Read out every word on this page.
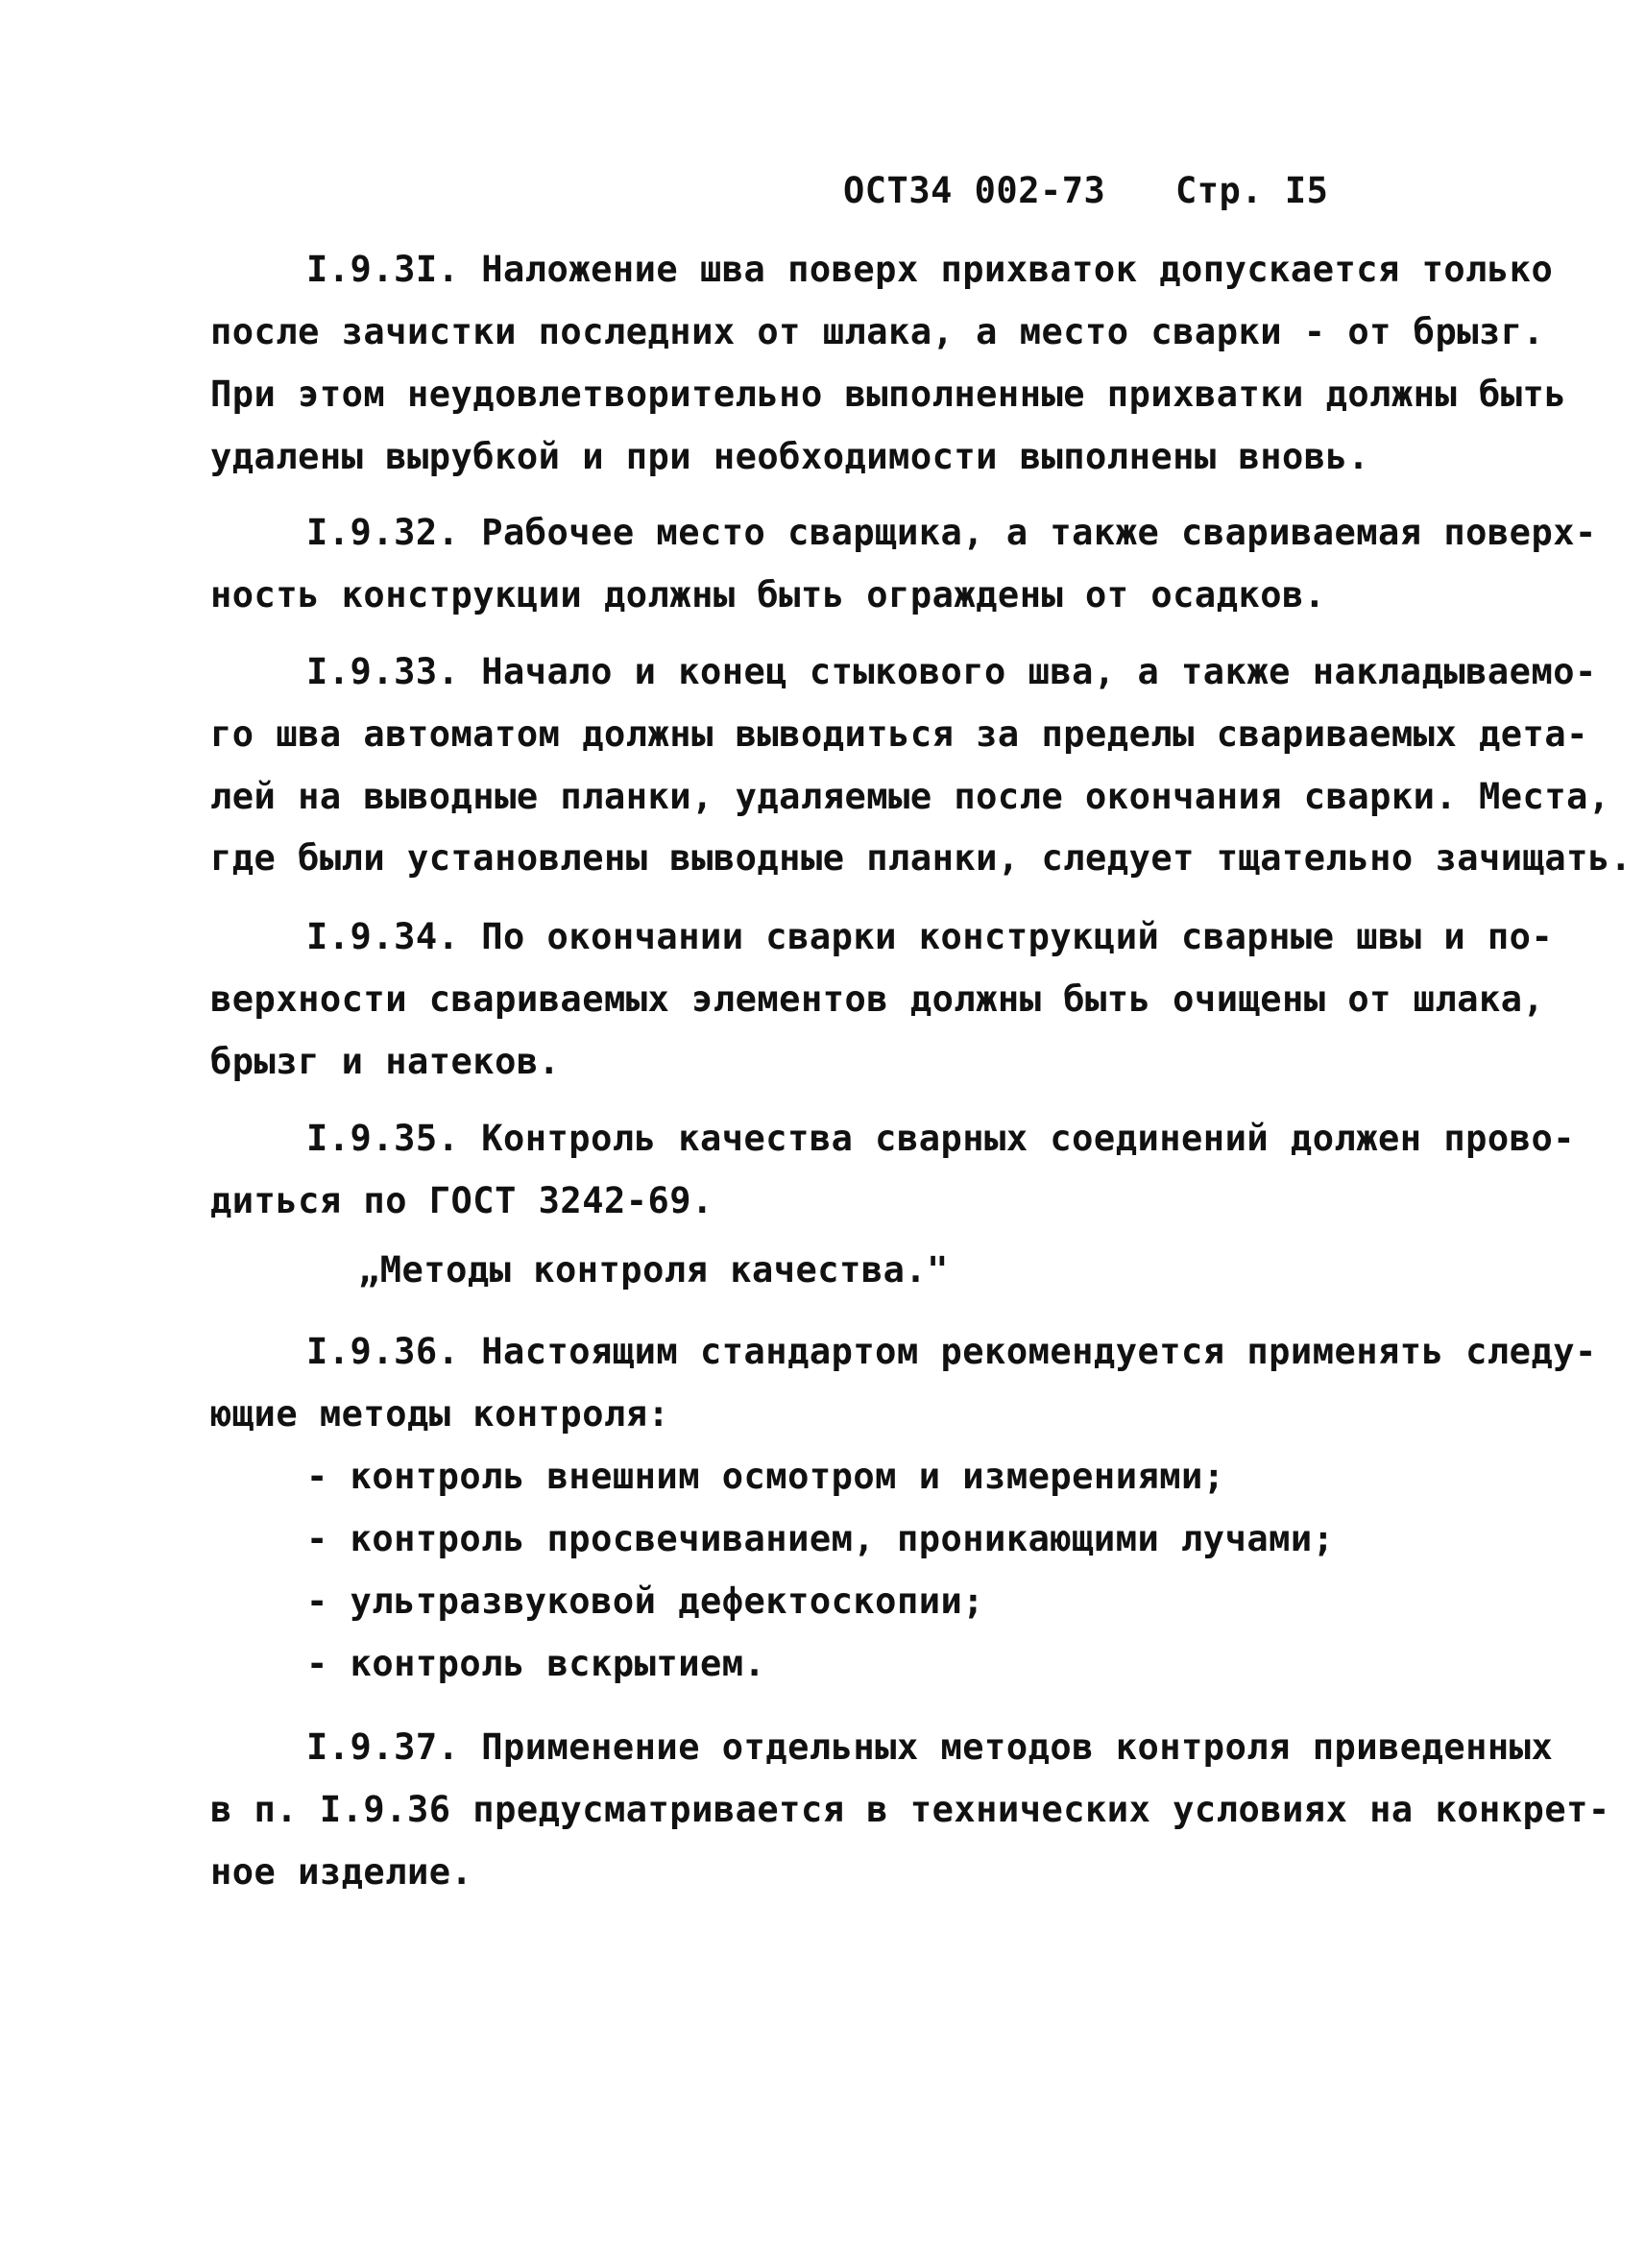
ОСТ34 002-73 Стр. I5
I.9.3I. Наложение шва поверх прихваток допускается только
после зачистки последних от шлака, а место сварки - от брызг.
При этом неудовлетворительно выполненные прихватки должны быть
удалены вырубкой и при необходимости выполнены вновь.
I.9.32. Рабочее место сварщика, а также свариваемая поверх-
ность конструкции должны быть ограждены от осадков.
I.9.33. Начало и конец стыкового шва, а также накладываемо-
го шва автоматом должны выводиться за пределы свариваемых дета-
лей на выводные планки, удаляемые после окончания сварки. Места,
где были установлены выводные планки, следует тщательно зачищать.
I.9.34. По окончании сварки конструкций сварные швы и по-
верхности свариваемых элементов должны быть очищены от шлака,
брызг и натеков.
I.9.35. Контроль качества сварных соединений должен прово-
диться по ГОСТ 3242-69.
„Методы контроля качества."
I.9.36. Настоящим стандартом рекомендуется применять следу-
ющие методы контроля:
- контроль внешним осмотром и измерениями;
- контроль просвечиванием, проникающими лучами;
- ультразвуковой дефектоскопии;
- контроль вскрытием.
I.9.37. Применение отдельных методов контроля приведенных
в п. I.9.36 предусматривается в технических условиях на конкрет-
ное изделие.
